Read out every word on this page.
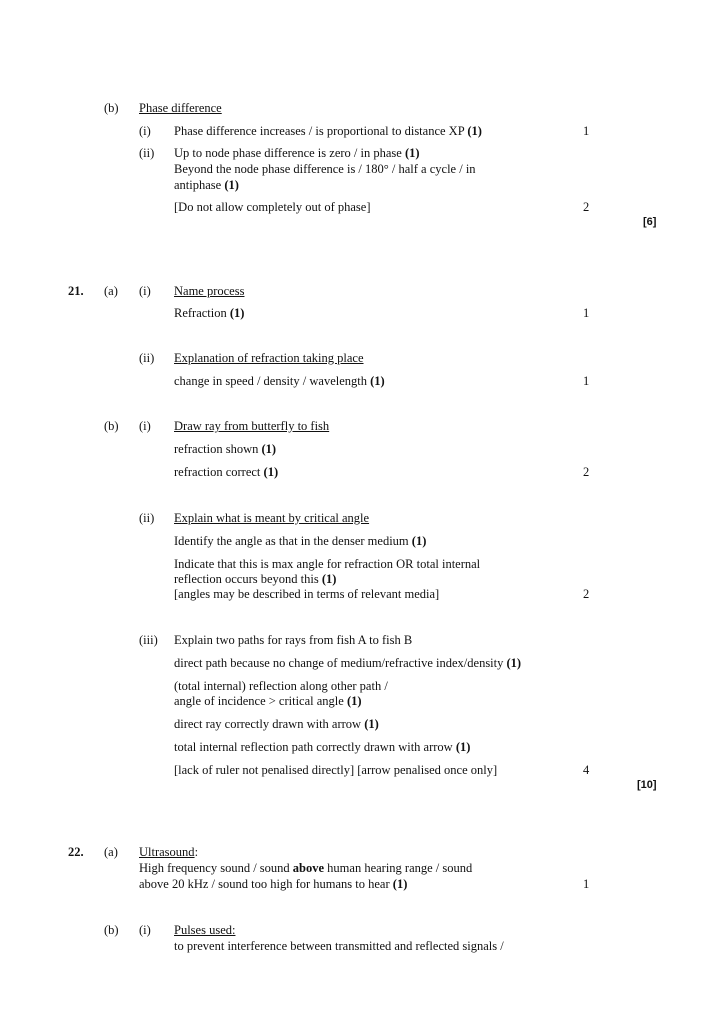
(b) Phase difference
(i) Phase difference increases / is proportional to distance XP (1)	1
(ii) Up to node phase difference is zero / in phase (1)
Beyond the node phase difference is / 180° / half a cycle / in
antiphase (1)
[Do not allow completely out of phase]	2
[6]
21. (a) (i) Name process
Refraction (1)	1
(ii) Explanation of refraction taking place
change in speed / density / wavelength (1)	1
(b) (i) Draw ray from butterfly to fish
refraction shown (1)
refraction correct (1)	2
(ii) Explain what is meant by critical angle
Identify the angle as that in the denser medium (1)
Indicate that this is max angle for refraction OR total internal
reflection occurs beyond this (1)
[angles may be described in terms of relevant media]	2
(iii) Explain two paths for rays from fish A to fish B
direct path because no change of medium/refractive index/density (1)
(total internal) reflection along other path /
angle of incidence > critical angle (1)
direct ray correctly drawn with arrow (1)
total internal reflection path correctly drawn with arrow (1)
[lack of ruler not penalised directly] [arrow penalised once only]	4
[10]
22. (a) Ultrasound:
High frequency sound / sound above human hearing range / sound
above 20 kHz / sound too high for humans to hear (1)	1
(b) (i) Pulses used:
to prevent interference between transmitted and reflected signals /
